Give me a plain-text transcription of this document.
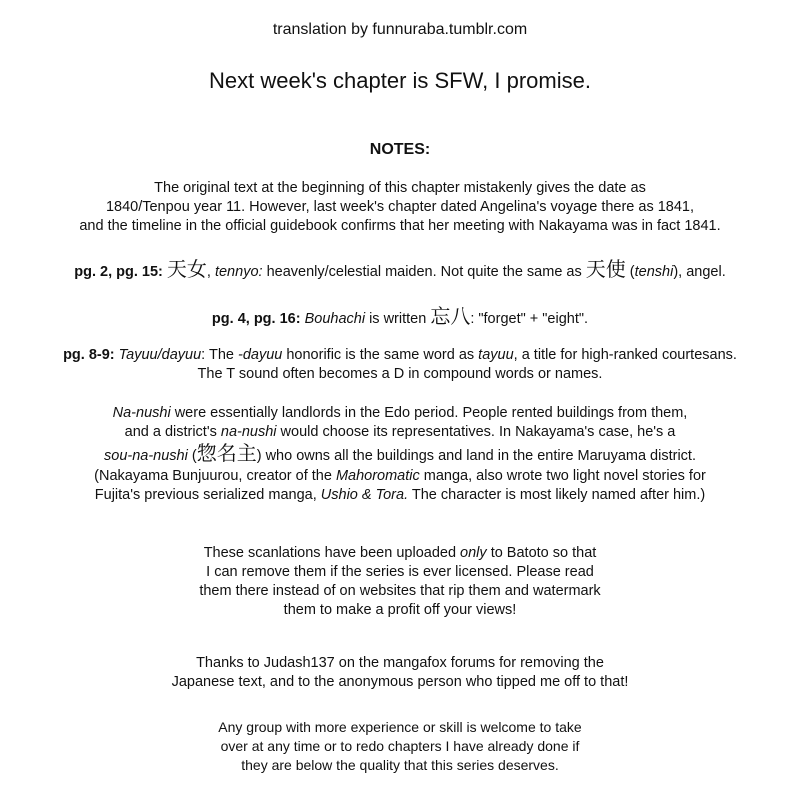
translation by funnuraba.tumblr.com
Next week's chapter is SFW, I promise.
NOTES:
The original text at the beginning of this chapter mistakenly gives the date as
1840/Tenpou year 11. However, last week's chapter dated Angelina's voyage there as 1841,
and the timeline in the official guidebook confirms that her meeting with Nakayama was in fact 1841.
pg. 2, pg. 15: 天女, tennyo: heavenly/celestial maiden. Not quite the same as 天使 (tenshi), angel.
pg. 4, pg. 16: Bouhachi is written 忘八: "forget" + "eight".
pg. 8-9: Tayuu/dayuu: The -dayuu honorific is the same word as tayuu, a title for high-ranked courtesans.
The T sound often becomes a D in compound words or names.
Na-nushi were essentially landlords in the Edo period. People rented buildings from them,
and a district's na-nushi would choose its representatives. In Nakayama's case, he's a
sou-na-nushi (惣名主) who owns all the buildings and land in the entire Maruyama district.
(Nakayama Bunjuurou, creator of the Mahoromatic manga, also wrote two light novel stories for
Fujita's previous serialized manga, Ushio & Tora. The character is most likely named after him.)
These scanlations have been uploaded only to Batoto so that
I can remove them if the series is ever licensed. Please read
them there instead of on websites that rip them and watermark
them to make a profit off your views!
Thanks to Judash137 on the mangafox forums for removing the
Japanese text, and to the anonymous person who tipped me off to that!
Any group with more experience or skill is welcome to take
over at any time or to redo chapters I have already done if
they are below the quality that this series deserves.
